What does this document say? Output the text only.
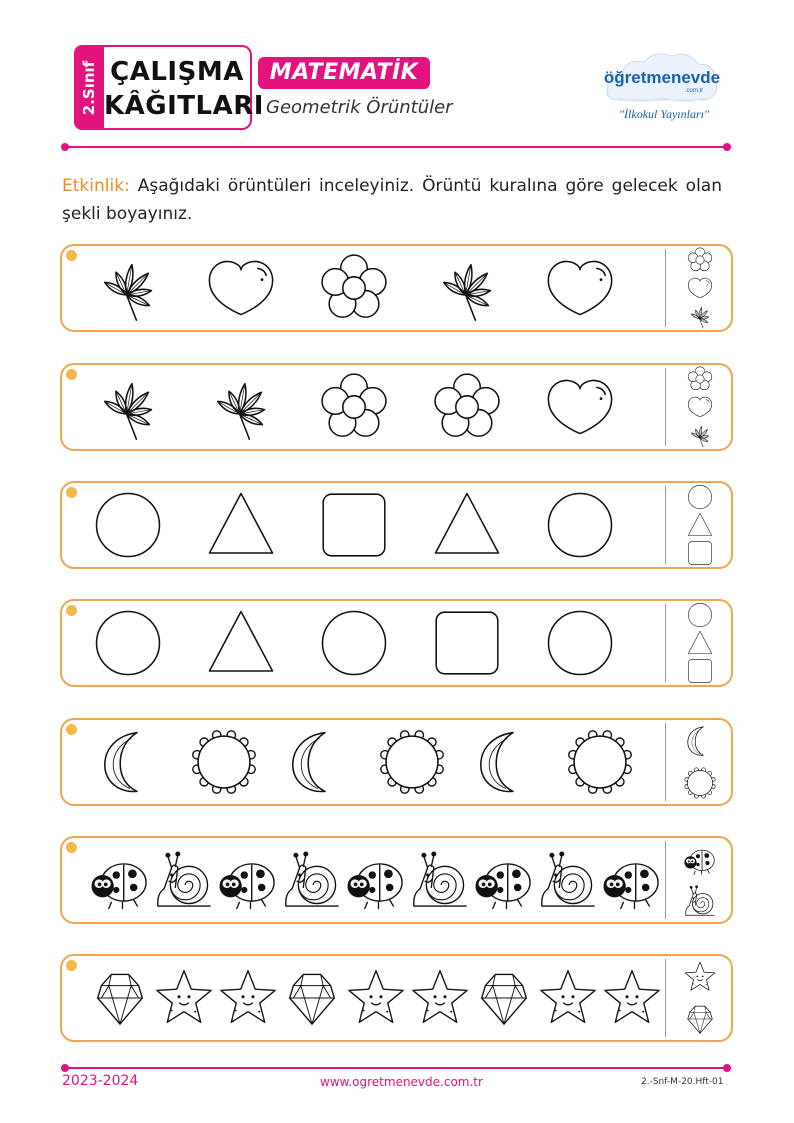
2.Sınıf ÇALIŞMA
KÂĞITLARI
MATEMATİK
Geometrik Örüntüler
öğretmenevde
.com.tr
"İlkokul Yayınları"
Etkinlik: Aşağıdaki örüntüleri inceleyiniz. Örüntü kuralına göre gelecek olan şekli boyayınız.
2023-2024	www.ogretmenevde.com.tr	2.-Snf-M-20.Hft-01
